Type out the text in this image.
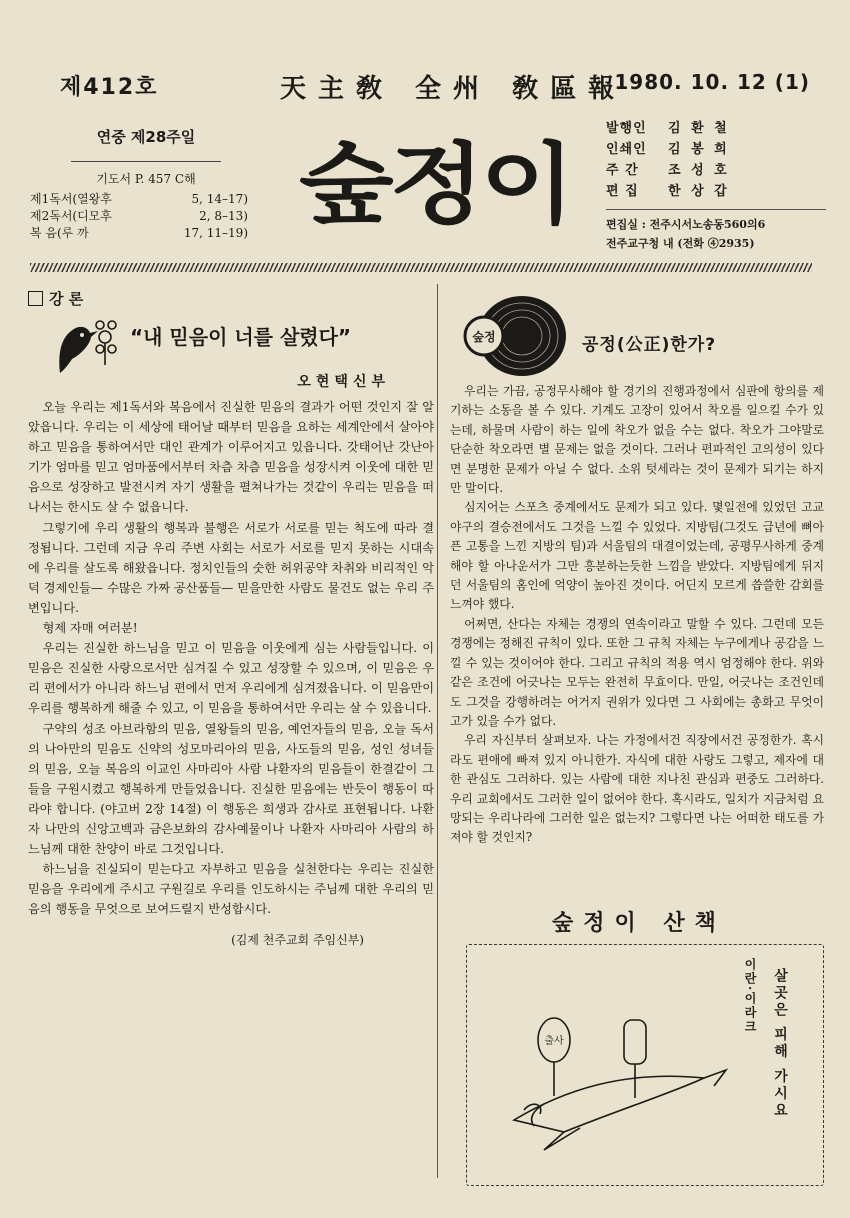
제412호	天主敎 全州 敎區報
1980. 10. 12 (1)
연중 제28주일
기도서 P. 457 C해
제1독서(열왕후	5, 14–17)
제2독서(디모후	2, 8–13)
복 음(루 까	17, 11–19) 숲정이
발행인	김 환 철
인쇄인	김 봉 희
주 간	조 성 호
편 집	한 상 갑
편집실 : 전주시서노송동560의6
전주교구청 내 (전화 ④2935)
강 론
“내 믿음이 너를 살렸다”
오현택신부

오늘 우리는 제1독서와 복음에서 진실한 믿음의 결과가 어떤 것인지 잘 알았읍니다. 우리는 이 세상에 태어날 때부터 믿음을 요하는 세계안에서 살아야 하고 믿음을 통하여서만 대인 관계가 이루어지고 있읍니다. 갓태어난 갓난아기가 엄마를 믿고 엄마품에서부터 차츰 차츰 믿음을 성장시켜 이웃에 대한 믿음으로 성장하고 발전시켜 자기 생활을 펼쳐나가는 것같이 우리는 믿음을 떠나서는 한시도 살 수 없읍니다.

그렇기에 우리 생활의 행복과 불행은 서로가 서로를 믿는 척도에 따라 결정됩니다. 그런데 지금 우리 주변 사회는 서로가 서로를 믿지 못하는 시대속에 우리를 살도록 해왔읍니다. 정치인들의 숫한 허위공약 차취와 비리적인 악덕 경제인들— 수많은 가짜 공산품들— 믿을만한 사람도 물건도 없는 우리 주변입니다.

형제 자매 여러분!

우리는 진실한 하느님을 믿고 이 믿음을 이웃에게 심는 사람들입니다. 이 믿음은 진실한 사랑으로서만 심겨질 수 있고 성장할 수 있으며, 이 믿음은 우리 편에서가 아니라 하느님 편에서 먼저 우리에게 심겨졌읍니다. 이 믿음만이 우리를 행복하게 해줄 수 있고, 이 믿음을 통하여서만 우리는 살 수 있읍니다.

구약의 성조 아브라함의 믿음, 열왕들의 믿음, 예언자들의 믿음, 오늘 독서의 나아만의 믿음도 신약의 성모마리아의 믿음, 사도들의 믿음, 성인 성녀들의 믿음, 오늘 복음의 이교인 사마리아 사람 나환자의 믿음들이 한결같이 그들을 구원시켰고 행복하게 만들었읍니다. 진실한 믿음에는 반듯이 행동이 따라야 합니다. (야고버 2장 14절) 이 행동은 희생과 감사로 표현됩니다. 나환자 나만의 신앙고백과 금은보화의 감사예물이나 나환자 사마리아 사람의 하느님께 대한 찬양이 바로 그것입니다.

하느님을 진실되이 믿는다고 자부하고 믿음을 실천한다는 우리는 진실한 믿음을 우리에게 주시고 구원길로 우리를 인도하시는 주님께 대한 우리의 믿음의 행동을 무엇으로 보여드릴지 반성합시다.

(김제 천주교회 주임신부)
숲정	공정(公正)한가?

우리는 가끔, 공정무사해야 할 경기의 진행과정에서 심판에 항의를 제기하는 소동을 볼 수 있다. 기계도 고장이 있어서 착오를 일으킬 수가 있는데, 하물며 사람이 하는 일에 착오가 없을 수는 없다. 착오가 그야말로 단순한 착오라면 별 문제는 없을 것이다. 그러나 편파적인 고의성이 있다면 분명한 문제가 아닐 수 없다. 소위 텃세라는 것이 문제가 되기는 하지만 말이다.

심지어는 스포츠 중계에서도 문제가 되고 있다. 몇일전에 있었던 고교야구의 결승전에서도 그것을 느낄 수 있었다. 지방팀(그것도 급년에 뼈아픈 고통을 느낀 지방의 팀)과 서울팀의 대결이었는데, 공평무사하게 중계해야 할 아나운서가 그만 흥분하는듯한 느낌을 받았다. 지방팀에게 뒤지던 서울팀의 홈인에 억양이 높아진 것이다. 어딘지 모르게 씁쓸한 감회를 느껴야 했다.

어쩌면, 산다는 자체는 경쟁의 연속이라고 말할 수 있다. 그런데 모든 경쟁에는 정해진 규칙이 있다. 또한 그 규칙 자체는 누구에게나 공감을 느낄 수 있는 것이어야 한다. 그리고 규칙의 적용 역시 엄정해야 한다. 위와같은 조건에 어긋나는 모두는 완전히 무효이다. 만일, 어긋나는 조건인데도 그것을 강행하려는 어거지 권위가 있다면 그 사회에는 총화고 무엇이고가 있을 수가 없다.

우리 자신부터 살펴보자. 나는 가정에서건 직장에서건 공정한가. 혹시라도 편애에 빠져 있지 아니한가. 자식에 대한 사랑도 그렇고, 제자에 대한 관심도 그러하다. 있는 사람에 대한 지나친 관심과 편중도 그러하다. 우리 교회에서도 그러한 일이 없어야 한다. 혹시라도, 일치가 지금처럼 요망되는 우리나라에 그러한 일은 없는지? 그렇다면 나는 어떠한 태도를 가져야 할 것인지?

숲정이 산책
출사
이란·이라크 살곳은 피해 가시요
